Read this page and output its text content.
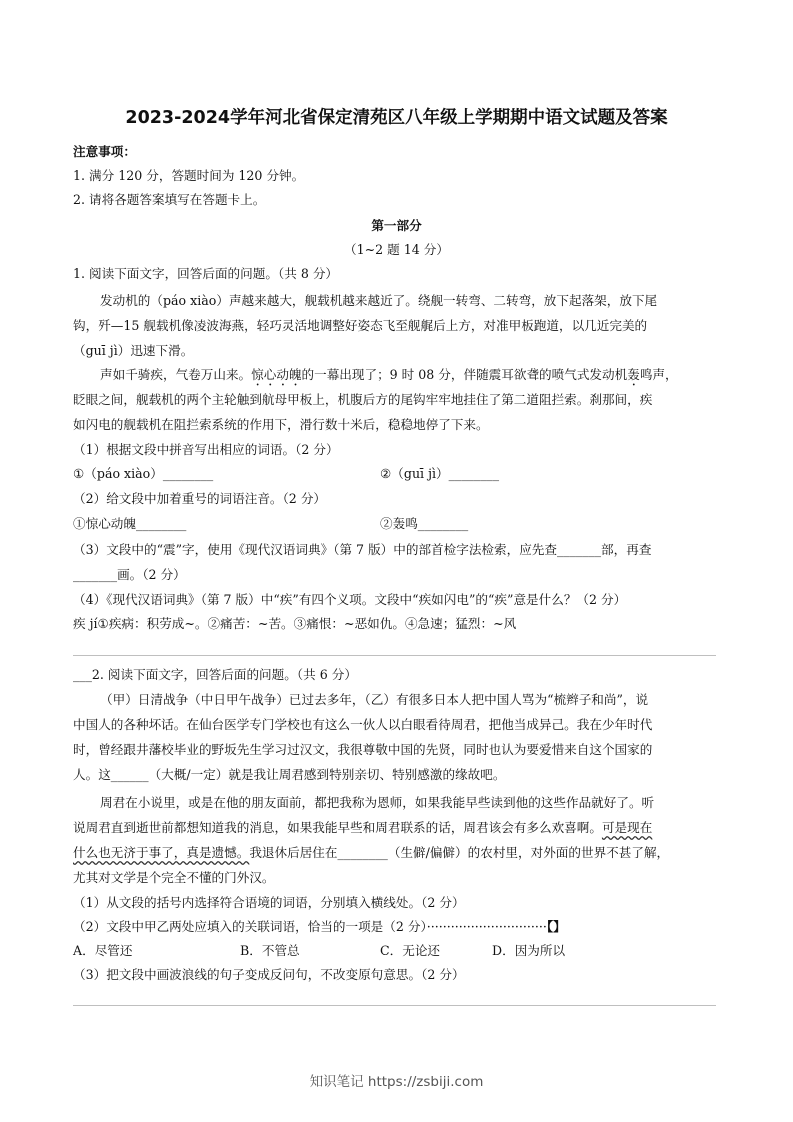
2023-2024学年河北省保定清苑区八年级上学期期中语文试题及答案

注意事项：

1. 满分 120 分，答题时间为 120 分钟。

2. 请将各题答案填写在答题卡上。

第一部分

（1~2 题 14 分）

1. 阅读下面文字，回答后面的问题。（共 8 分）

发动机的（páo xiào）声越来越大，舰载机越来越近了。绕舰一转弯、二转弯，放下起落架，放下尾

钩，歼—15 舰载机像凌波海燕，轻巧灵活地调整好姿态飞至舰艉后上方，对准甲板跑道，以几近完美的

（guī jì）迅速下滑。

声如千骑疾，气卷万山来。惊心动魄的一幕出现了；9 时 08 分，伴随震耳欲聋的喷气式发动机轰鸣声，

眨眼之间，舰载机的两个主轮触到航母甲板上，机腹后方的尾钩牢牢地挂住了第二道阻拦索。刹那间，疾

如闪电的舰载机在阻拦索系统的作用下，滑行数十米后，稳稳地停了下来。

（1）根据文段中拼音写出相应的词语。（2 分）

①（páo xiào）________	②（guī jì）________

（2）给文段中加着重号的词语注音。（2 分）

①惊心动魄________	②轰鸣________

（3）文段中的“震”字，使用《现代汉语词典》（第 7 版）中的部首检字法检索，应先查_______部，再查

_______画。（2 分）

（4）《现代汉语词典》（第 7 版）中“疾”有四个义项。文段中“疾如闪电”的“疾”意是什么？（2 分）

疾 jí①疾病：积劳成~。②痛苦：~苦。③痛恨：~恶如仇。④急速；猛烈：~风

___2. 阅读下面文字，回答后面的问题。（共 6 分）

（甲）日清战争（中日甲午战争）已过去多年，（乙）有很多日本人把中国人骂为“梳辫子和尚”，说

中国人的各种坏话。在仙台医学专门学校也有这么一伙人以白眼看待周君，把他当成异己。我在少年时代

时，曾经跟井藩校毕业的野坂先生学习过汉文，我很尊敬中国的先贤，同时也认为要爱惜来自这个国家的

人。这______（大概/一定）就是我让周君感到特别亲切、特别感激的缘故吧。

周君在小说里，或是在他的朋友面前，都把我称为恩师，如果我能早些读到他的这些作品就好了。听

说周君直到逝世前都想知道我的消息，如果我能早些和周君联系的话，周君该会有多么欢喜啊。可是现在

什么也无济于事了，真是遗憾。我退休后居住在________（生僻/偏僻）的农村里，对外面的世界不甚了解，

尤其对文学是个完全不懂的门外汉。

（1）从文段的括号内选择符合语境的词语，分别填入横线处。（2 分）

（2）文段中甲乙两处应填入的关联词语，恰当的一项是（2 分）······························【】

A．尽管还	B．不管总	C．无论还	D．因为所以

（3）把文段中画波浪线的句子变成反问句，不改变原句意思。（2 分）

知识笔记 https://zsbiji.com
